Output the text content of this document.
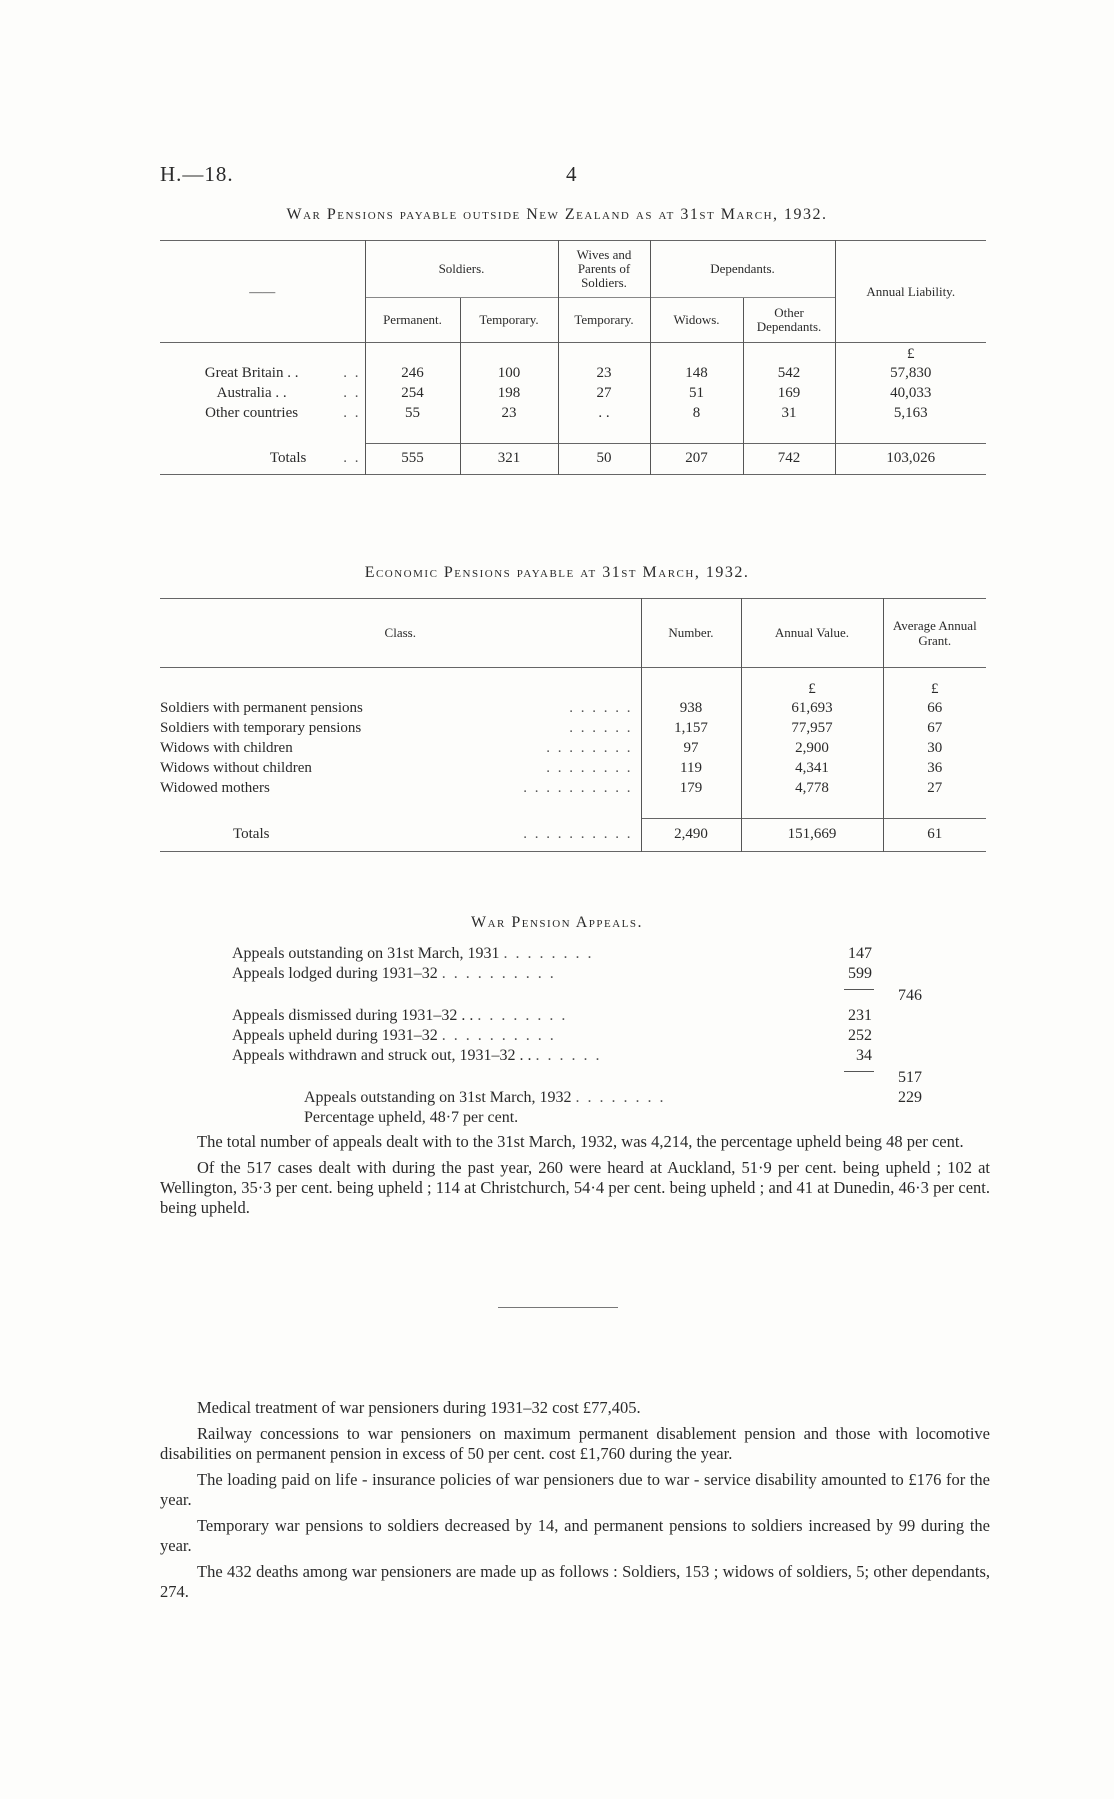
H.—18.	4
War Pensions payable outside New Zealand as at 31st March, 1932.
——	Soldiers.		Wives and Parents of Soldiers.	Dependants.		Annual Liability.
	Permanent.	Temporary.	Temporary.	Widows.	Other Dependants.	
						£
Great Britain . . . .	246	100	23	148	542	57,830
Australia . . . .	254	198	27	51	169	40,033
Other countries . .	55	23	. .	8	31	5,163

Totals . .	555	321	50	207	742	103,026

Economic Pensions payable at 31st March, 1932.
Class.	Number.	Annual Value.	Average Annual Grant.
		£	£
Soldiers with permanent pensions . . . . . .	938	61,693	66
Soldiers with temporary pensions . . . . . .	1,157	77,957	67
Widows with children . . . . . . . .	97	2,900	30
Widows without children . . . . . . . .	119	4,341	36
Widowed mothers . . . . . . . . . .	179	4,778	27

Totals . . . . . . . . . .	2,490	151,669	61

War Pension Appeals.
Appeals outstanding on 31st March, 1931 . . . . . . . .	147
Appeals lodged during 1931–32 . . . . . . . . . .	599
746
Appeals dismissed during 1931–32 . . . . . . . . . .	231
Appeals upheld during 1931–32 . . . . . . . . . .	252
Appeals withdrawn and struck out, 1931–32 . . . . . . . .	34
517
Appeals outstanding on 31st March, 1932 . . . . . . . .	229
Percentage upheld, 48·7 per cent.

The total number of appeals dealt with to the 31st March, 1932, was 4,214, the percentage upheld being 48 per cent.

Of the 517 cases dealt with during the past year, 260 were heard at Auckland, 51·9 per cent. being upheld ; 102 at Wellington, 35·3 per cent. being upheld ; 114 at Christchurch, 54·4 per cent. being upheld ; and 41 at Dunedin, 46·3 per cent. being upheld.

Medical treatment of war pensioners during 1931–32 cost £77,405.

Railway concessions to war pensioners on maximum permanent disablement pension and those with locomotive disabilities on permanent pension in excess of 50 per cent. cost £1,760 during the year.

The loading paid on life - insurance policies of war pensioners due to war - service disability amounted to £176 for the year.

Temporary war pensions to soldiers decreased by 14, and permanent pensions to soldiers increased by 99 during the year.

The 432 deaths among war pensioners are made up as follows : Soldiers, 153 ; widows of soldiers, 5; other dependants, 274.
